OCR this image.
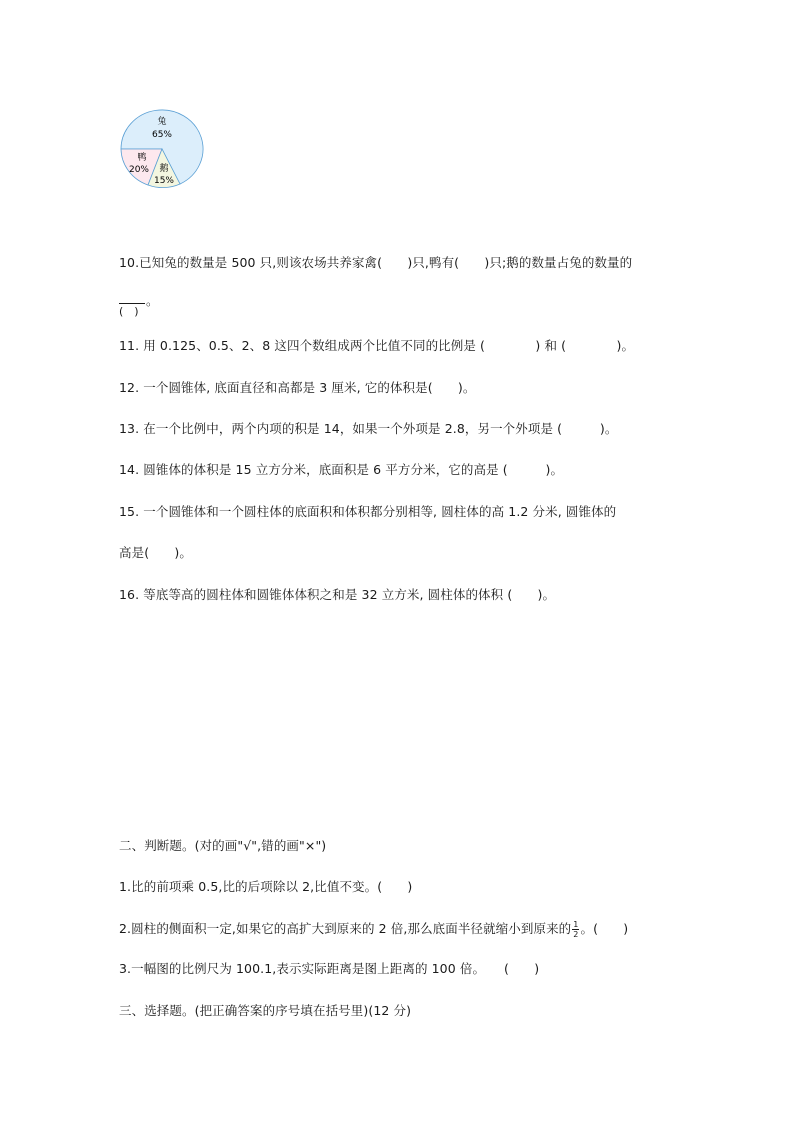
兔
65%
鸭
20% 鹅
15%
10.已知兔的数量是 500 只,则该农场共养家禽(　　)只,鸭有(　　)只;鹅的数量占兔的数量的
(　)
。
11. 用 0.125、0.5、2、8 这四个数组成两个比值不同的比例是 (　　　　) 和 (　　　　)。
12. 一个圆锥体, 底面直径和高都是 3 厘米, 它的体积是(　　)。
13. 在一个比例中，两个内项的积是 14，如果一个外项是 2.8，另一个外项是 (　　　)。
14. 圆锥体的体积是 15 立方分米，底面积是 6 平方分米，它的高是 (　　　)。
15. 一个圆锥体和一个圆柱体的底面积和体积都分别相等, 圆柱体的高 1.2 分米, 圆锥体的
高是(　　)。
16. 等底等高的圆柱体和圆锥体体积之和是 32 立方米, 圆柱体的体积 (　　)。
二、判断题。(对的画"√",错的画"×")
1.比的前项乘 0.5,比的后项除以 2,比值不变。(　　)
2.圆柱的侧面积一定,如果它的高扩大到原来的 2 倍,那么底面半径就缩小到原来的 $\frac{1}{2}$ 。(　　)
3.一幅图的比例尺为 100.1,表示实际距离是图上距离的 100 倍。　　(　　)
三、选择题。(把正确答案的序号填在括号里)(12 分)
